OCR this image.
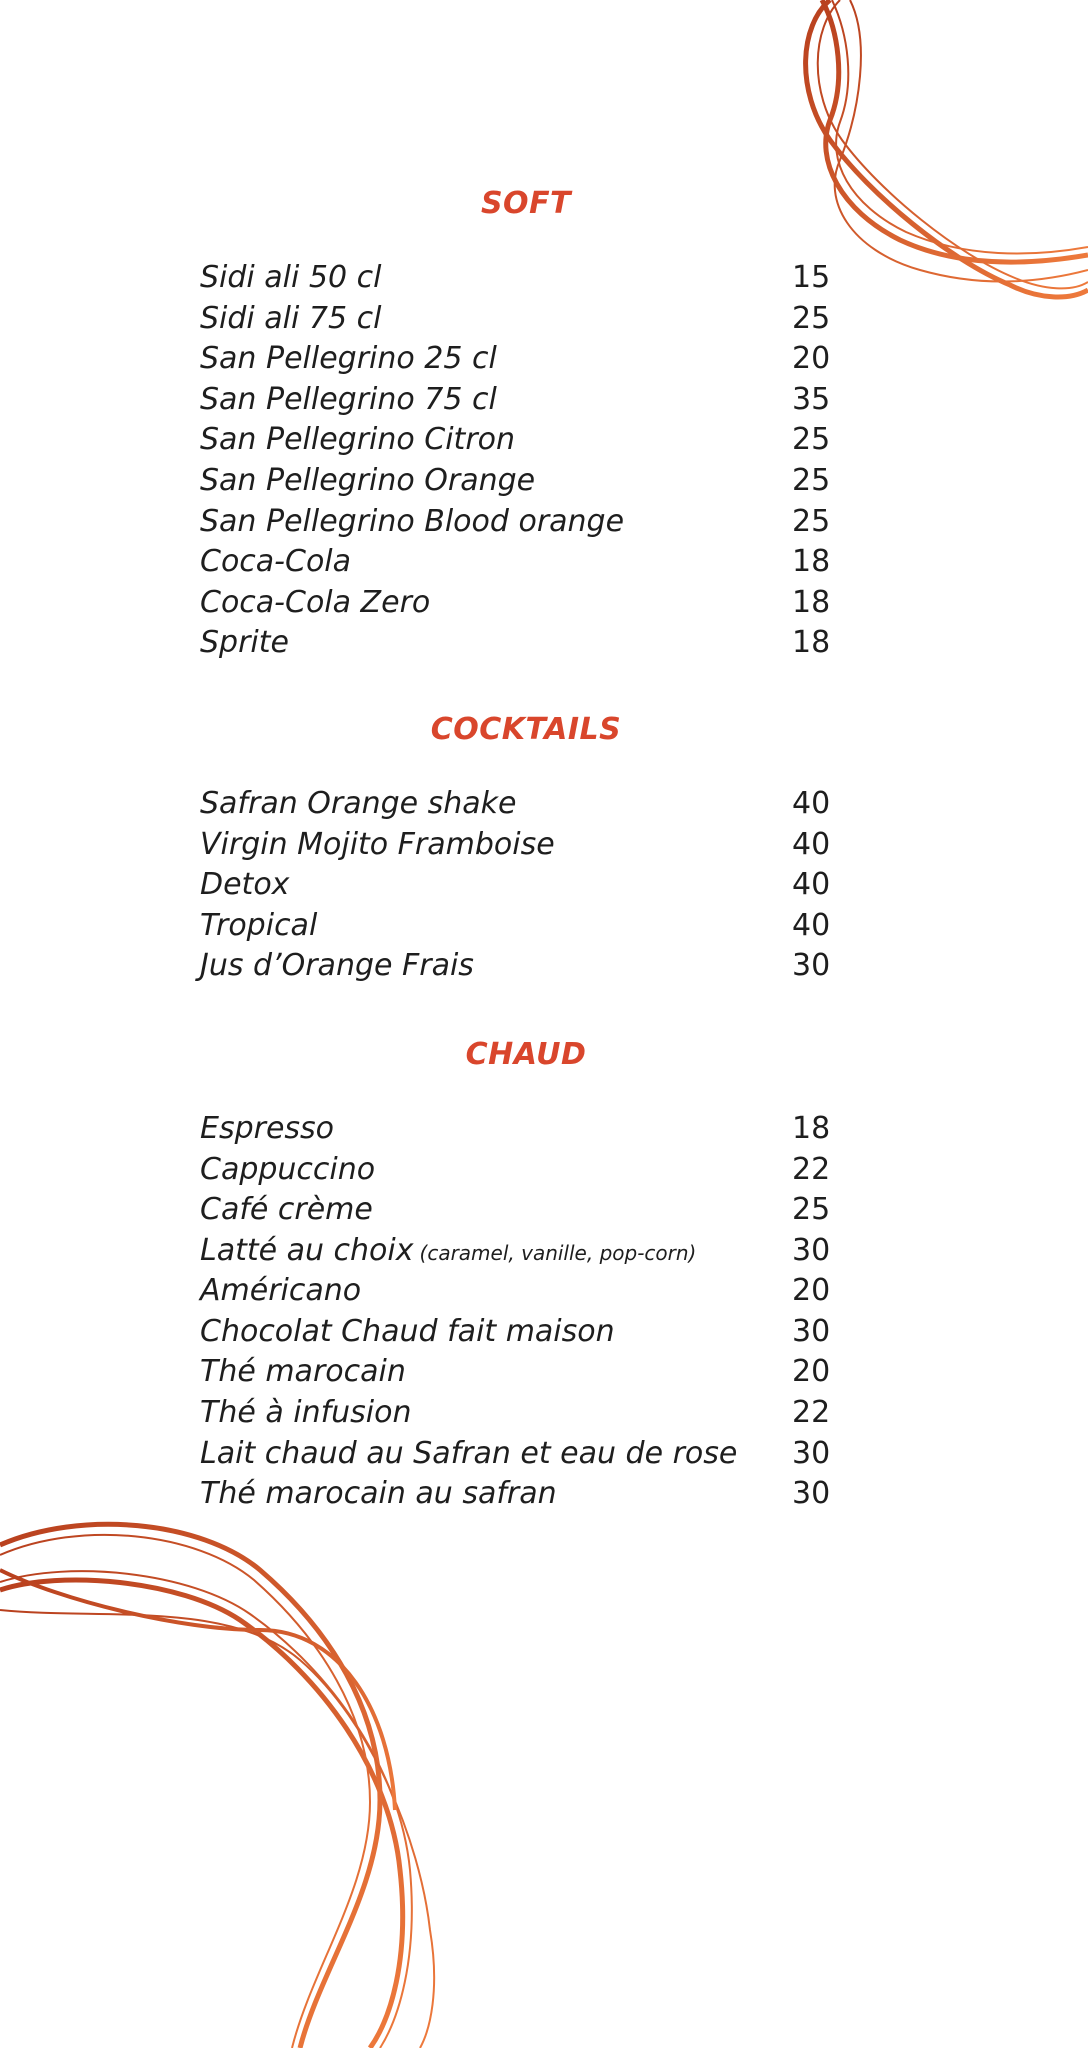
SOFT
Sidi ali 50 cl	15
Sidi ali 75 cl	25
San Pellegrino 25 cl	20
San Pellegrino 75 cl	35
San Pellegrino Citron	25
San Pellegrino Orange	25
San Pellegrino Blood orange	25
Coca-Cola	18
Coca-Cola Zero	18
Sprite	18
COCKTAILS
Safran Orange shake	40
Virgin Mojito Framboise	40
Detox	40
Tropical	40
Jus d’Orange Frais	30
CHAUD
Espresso	18
Cappuccino	22
Café crème	25
Latté au choix (caramel, vanille, pop-corn)	30
Américano	20
Chocolat Chaud fait maison	30
Thé marocain	20
Thé à infusion	22
Lait chaud au Safran et eau de rose 30
Thé marocain au safran	30
